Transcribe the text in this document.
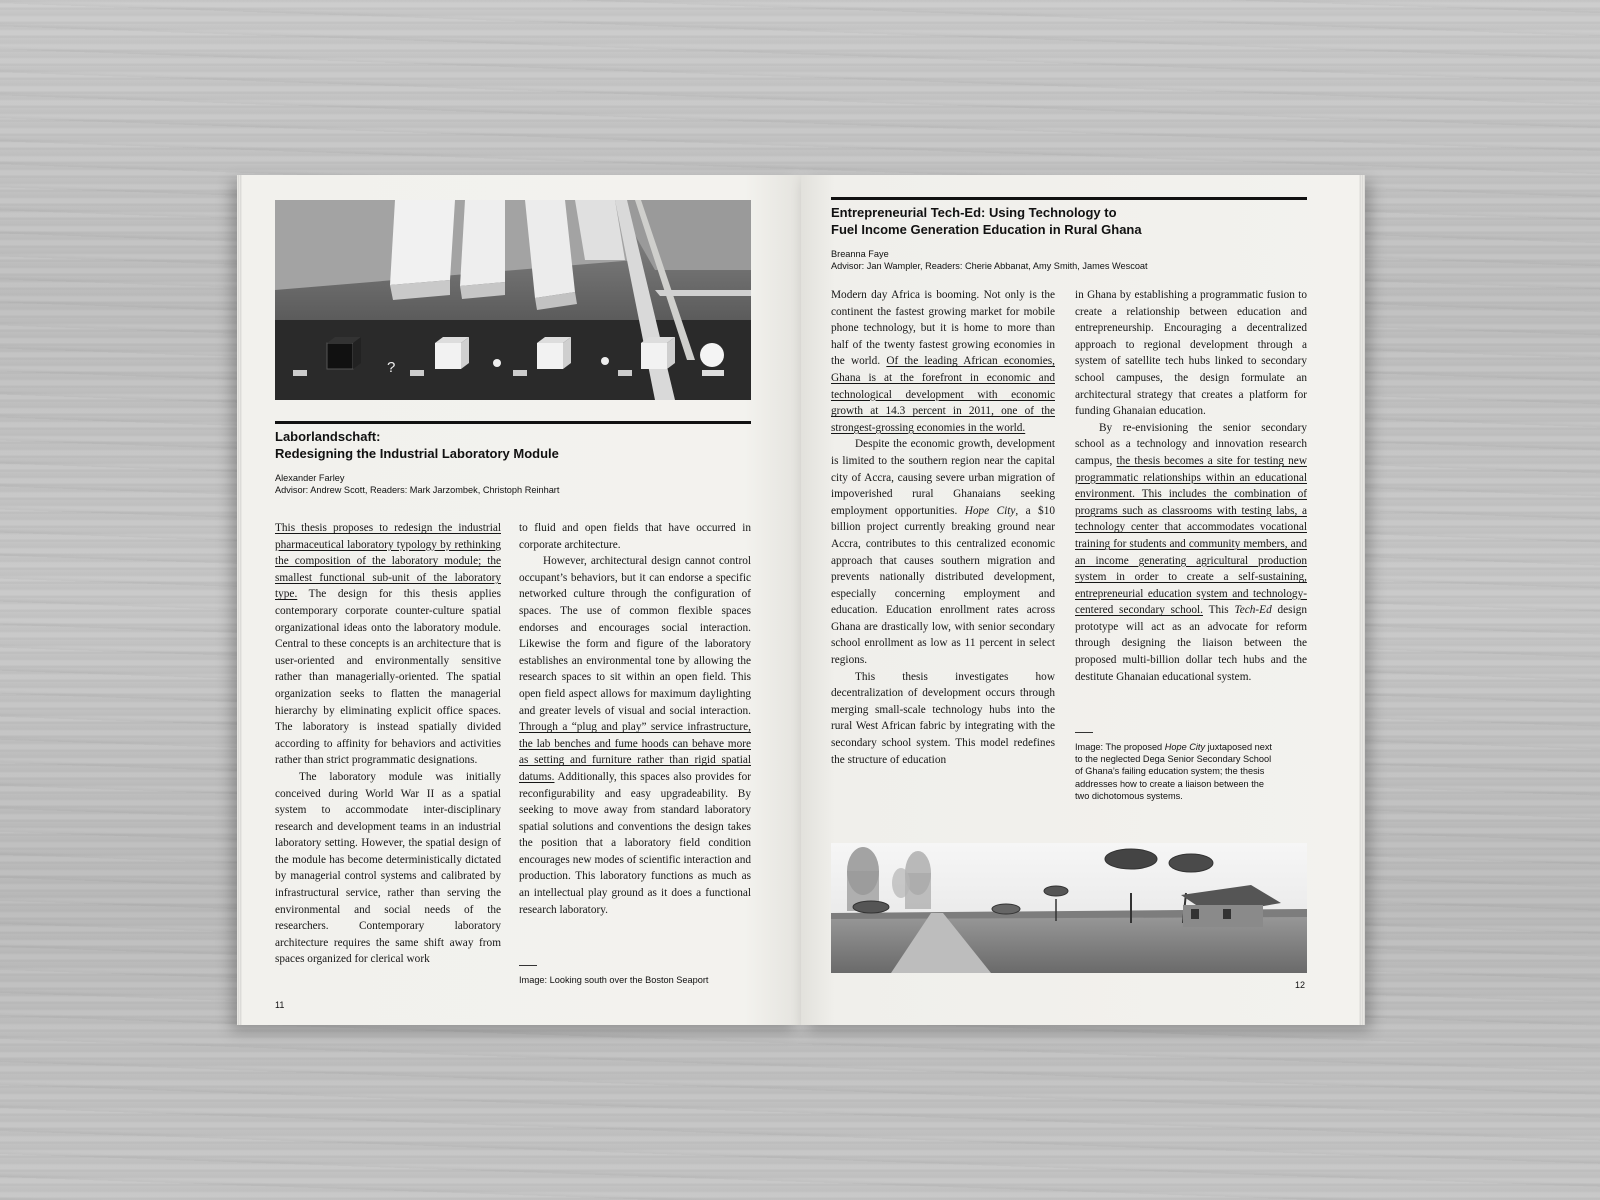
?
Laborlandschaft:
Redesigning the Industrial Laboratory Module
Alexander Farley
Advisor: Andrew Scott, Readers: Mark Jarzombek, Christoph Reinhart

This thesis proposes to redesign the industrial pharmaceutical laboratory typology by rethinking the composition of the laboratory module; the smallest functional sub-unit of the laboratory type. The design for this thesis applies contemporary corporate counter-culture spatial organizational ideas onto the laboratory module. Central to these concepts is an architecture that is user-oriented and environmentally sensitive rather than managerially-oriented. The spatial organization seeks to flatten the managerial hierarchy by eliminating explicit office spaces. The laboratory is instead spatially divided according to affinity for behaviors and activities rather than strict programmatic designations.

The laboratory module was initially conceived during World War II as a spatial system to accommodate inter-disciplinary research and development teams in an industrial laboratory setting. However, the spatial design of the module has become deterministically dictated by managerial control systems and calibrated by infrastructural service, rather than serving the environmental and social needs of the researchers. Contemporary laboratory architecture requires the same shift away from spaces organized for clerical work

to fluid and open fields that have occurred in corporate architecture.

However, architectural design cannot control occupant’s behaviors, but it can endorse a specific networked culture through the configuration of spaces. The use of common flexible spaces endorses and encourages social interaction. Likewise the form and figure of the laboratory establishes an environmental tone by allowing the research spaces to sit within an open field. This open field aspect allows for maximum daylighting and greater levels of visual and social interaction. Through a “plug and play” service infrastructure, the lab benches and fume hoods can behave more as setting and furniture rather than rigid spatial datums. Additionally, this spaces also provides for reconfigurability and easy upgradeability. By seeking to move away from standard laboratory spatial solutions and conventions the design takes the position that a laboratory field condition encourages new modes of scientific interaction and production. This laboratory functions as much as an intellectual play ground as it does a functional research laboratory.

Image: Looking south over the Boston Seaport
11
Entrepreneurial Tech-Ed: Using Technology to
Fuel Income Generation Education in Rural Ghana
Breanna Faye
Advisor: Jan Wampler, Readers: Cherie Abbanat, Amy Smith, James Wescoat

Modern day Africa is booming. Not only is the continent the fastest growing market for mobile phone technology, but it is home to more than half of the twenty fastest growing economies in the world. Of the leading African economies, Ghana is at the forefront in economic and technological development with economic growth at 14.3 percent in 2011, one of the strongest-grossing economies in the world.

Despite the economic growth, development is limited to the southern region near the capital city of Accra, causing severe urban migration of impoverished rural Ghanaians seeking employment opportunities. Hope City, a $10 billion project currently breaking ground near Accra, contributes to this centralized economic approach that causes southern migration and prevents nationally distributed development, especially concerning employment and education. Education enrollment rates across Ghana are drastically low, with senior secondary school enrollment as low as 11 percent in select regions.

This thesis investigates how decentralization of development occurs through merging small-scale technology hubs into the rural West African fabric by integrating with the secondary school system. This model redefines the structure of education

in Ghana by establishing a programmatic fusion to create a relationship between education and entrepreneurship. Encouraging a decentralized approach to regional development through a system of satellite tech hubs linked to secondary school campuses, the design formulate an architectural strategy that creates a platform for funding Ghanaian education.

By re-envisioning the senior secondary school as a technology and innovation research campus, the thesis becomes a site for testing new programmatic relationships within an educational environment. This includes the combination of programs such as classrooms with testing labs, a technology center that accommodates vocational training for students and community members, and an income generating agricultural production system in order to create a self-sustaining, entrepreneurial education system and technology-centered secondary school. This Tech-Ed design prototype will act as an advocate for reform through designing the liaison between the proposed multi-billion dollar tech hubs and the destitute Ghanaian educational system.

Image: The proposed Hope City juxtaposed next to the neglected Dega Senior Secondary School of Ghana’s failing education system; the thesis addresses how to create a liaison between the two dichotomous systems.
12
